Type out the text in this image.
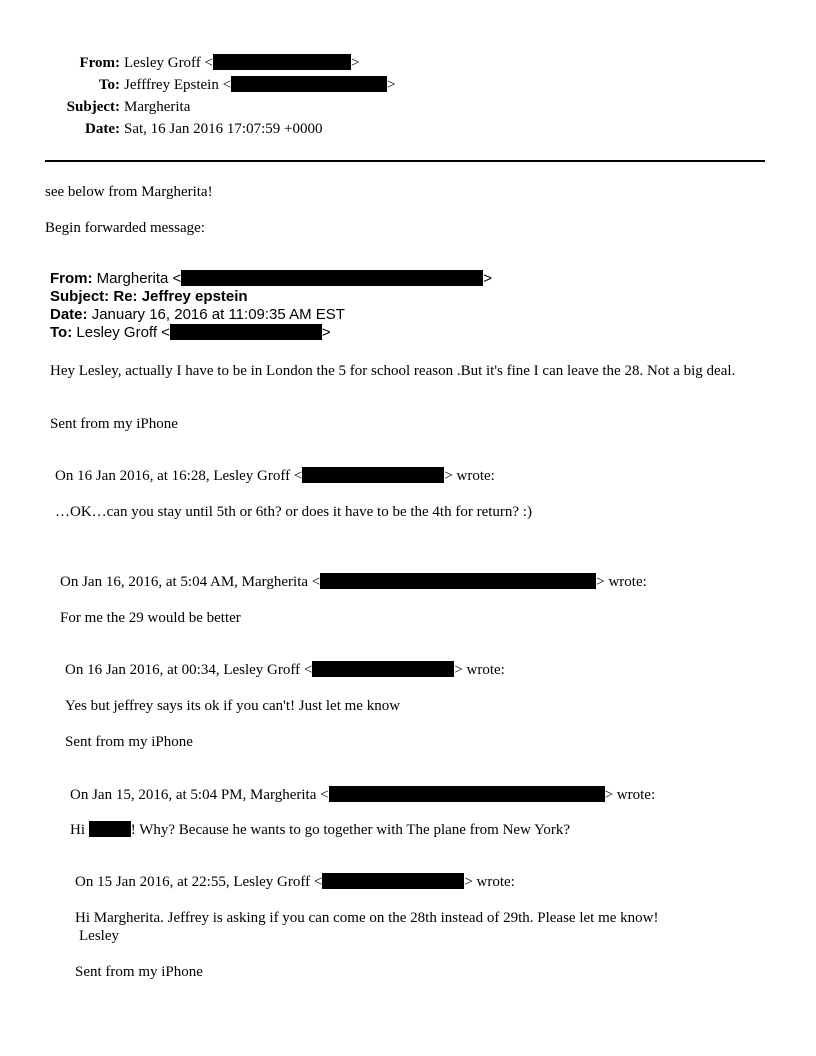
From: Lesley Groff <	>
To: Jefffrey Epstein <	>
Subject: Margherita
Date: Sat, 16 Jan 2016 17:07:59 +0000
see below from Margherita!
Begin forwarded message:
From: Margherita <	>
Subject: Re: Jeffrey epstein
Date: January 16, 2016 at 11:09:35 AM EST
To: Lesley Groff <	>
Hey Lesley, actually I have to be in London the 5 for school reason .But it's fine I can leave the 28. Not a big deal.
Sent from my iPhone
On 16 Jan 2016, at 16:28, Lesley Groff <	> wrote:
…OK…can you stay until 5th or 6th? or does it have to be the 4th for return? :)
On Jan 16, 2016, at 5:04 AM, Margherita <	> wrote:
For me the 29 would be better
On 16 Jan 2016, at 00:34, Lesley Groff <	> wrote:
Yes but jeffrey says its ok if you can't! Just let me know
Sent from my iPhone
On Jan 15, 2016, at 5:04 PM, Margherita <	> wrote:
Hi	! Why? Because he wants to go together with The plane from New York?
On 15 Jan 2016, at 22:55, Lesley Groff <	> wrote:
Hi Margherita. Jeffrey is asking if you can come on the 28th instead of 29th. Please let me know!
Lesley
Sent from my iPhone
